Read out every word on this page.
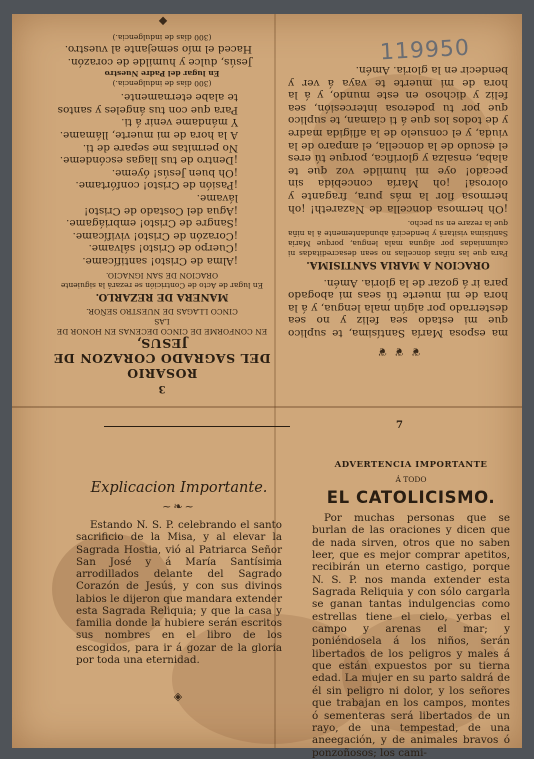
119950
3
ROSARIO
DEL SAGRADO CORAZON DE JESUS,
EN CONFORME DE CINCO DECENAS EN HONOR DE LAS
CINCO LLAGAS DE NUESTRO SEÑOR.
MANERA DE REZARLO.
En lugar de Acto de Contrición se rezará la siguiente
ORACION DE SAN IGNACIO.
¡Alma de Cristo! santifícame.
¡Cuerpo de Cristo! sálvame.
¡Corazón de Cristo! vivifícame.
¡Sangre de Cristo! embriágame.
¡Agua del Costado de Cristo! lávame.
¡Pasión de Cristo! confórtame.
¡Oh buen Jesús! óyeme.
¡Dentro de tus llagas escóndeme.
No permitas me separe de ti.
A la hora de mi muerte, llámame.
Y mándame venir á ti.
Para que con tus ángeles y santos
te alabe eternamente.
(300 días de indulgencia.)
En lugar del Padre Nuestro
Jesús, dulce y humilde de corazón.
Haced el mío semejante al vuestro.
(300 días de indulgencia.)
◆
❦ ❦ ❦

ma esposa María Santísima, te suplico que mi estado sea feliz y no sea desterrado por algún mala lengua, y á la hora de mi muerte tú seas mi abogado para ir á gozar de la gloria. Amén.

ORACION A MARIA SANTISIMA.

Para que las niñas doncellas no sean desacreditadas ni calumniadas por alguna mala lengua, porque María Santísima visitará y bendecirá abundantemente á la niña que la rezare en su pecho.

¡Oh hermosa doncella de Nazareth! ¡oh hermosa flor la más pura, fragante y olorosa! ¡oh María concebida sin pecado! oye mi humilde voz que te alaba, ensalza y glorifica, porque tú eres el escudo de la doncella, el amparo de la viuda, y el consuelo de la afligida madre y de todos los que á ti claman, te suplico que por tu poderosa intercesión, sea feliz y dichoso en este mundo, y á la hora de mi muerte te vaya á ver y bendecir en la gloria. Amén.

Explicacion Importante.
~❧~

Estando N. S. P. celebrando el santo sacrificio de la Misa, y al elevar la Sagrada Hostia, vió al Patriarca Señor San José y á María Santísima arrodillados delante del Sagrado Corazón de Jesús, y con sus divinos labios le dijeron que mandara extender esta Sagrada Reliquia; y que la casa y familia donde la hubiere serán escritos sus nombres en el libro de los escogidos, para ir á gozar de la gloria por toda una eternidad.

◈
7
ADVERTENCIA IMPORTANTE
Á TODO
EL CATOLICISMO.

Por muchas personas que se burlan de las oraciones y dicen que de nada sirven, otros que no saben leer, que es mejor comprar apetitos, recibirán un eterno castigo, porque N. S. P. nos manda extender esta Sagrada Reliquia y con sólo cargarla se ganan tantas indulgencias como estrellas tiene el cielo, yerbas el campo y arenas el mar; y poniéndosela á los niños, serán libertados de los peligros y males á que están expuestos por su tierna edad. La mujer en su parto saldrá de él sin peligro ni dolor, y los señores que trabajan en los campos, montes ó sementeras será libertados de un rayo, de una tempestad, de una aneegación, y de animales bravos ó ponzoñosos; los cami-
